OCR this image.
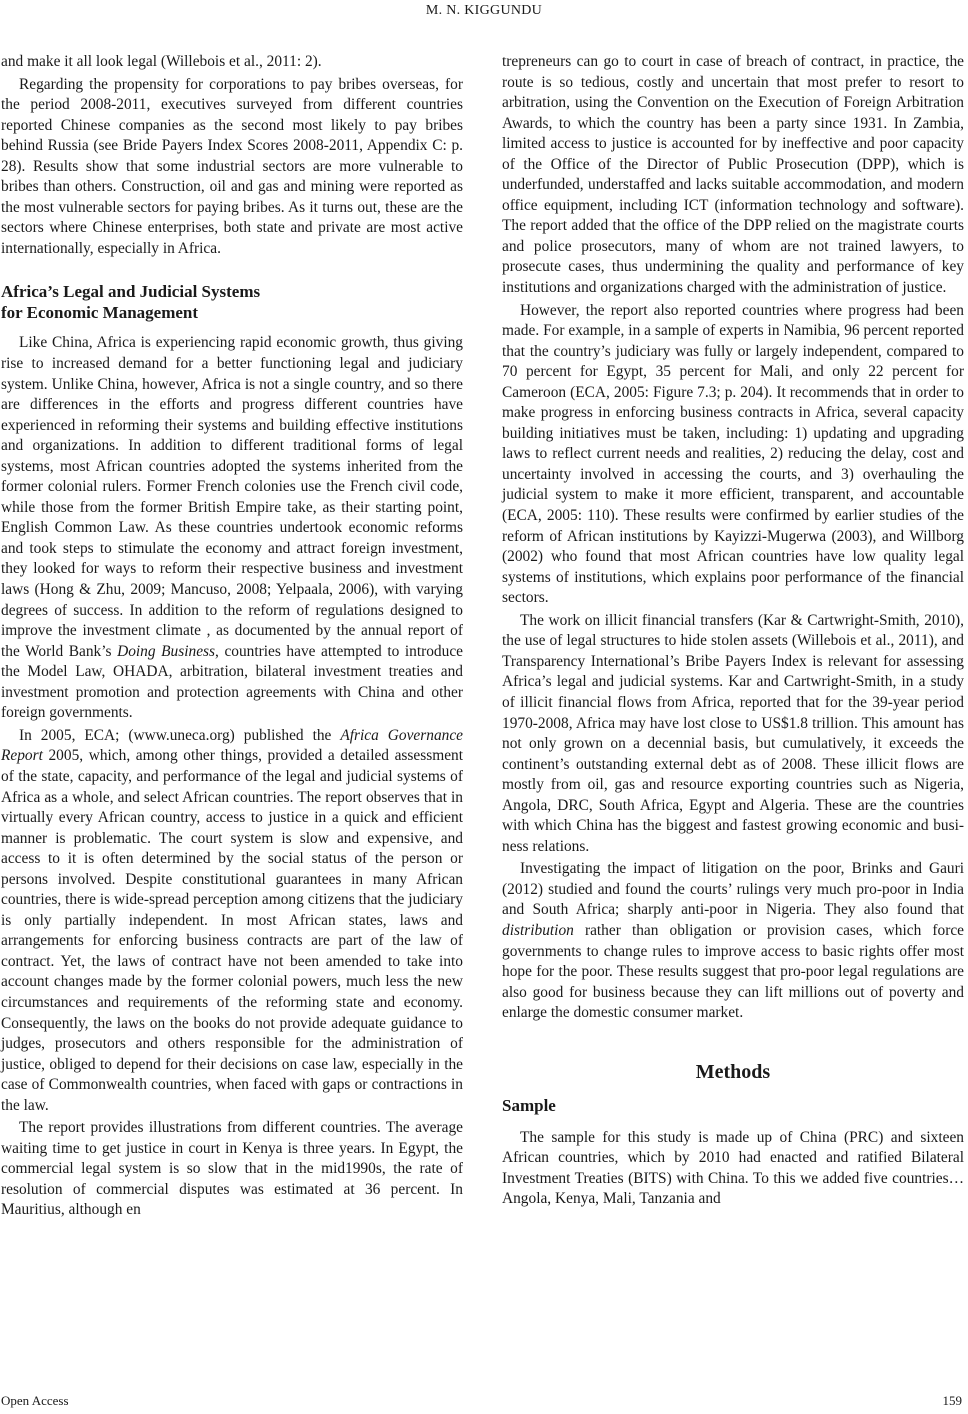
M. N. KIGGUNDU

and make it all look legal (Willebois et al., 2011: 2).

Regarding the propensity for corporations to pay bribes overseas, for the period 2008-2011, executives surveyed from different countries reported Chinese companies as the second most likely to pay bribes behind Russia (see Bride Payers Index Scores 2008-2011, Appendix C: p. 28). Results show that some industrial sectors are more vulnerable to bribes than others. Construction, oil and gas and mining were reported as the most vulnerable sectors for paying bribes. As it turns out, these are the sectors where Chinese enterprises, both state and private are most active internationally, especially in Africa.

Africa’s Legal and Judicial Systems
for Economic Management

Like China, Africa is experiencing rapid economic growth, thus giving rise to increased demand for a better functioning legal and judiciary system. Unlike China, however, Africa is not a single country, and so there are differences in the efforts and progress different countries have experienced in reforming their systems and building effective institutions and organizations. In addition to different traditional forms of legal systems, most African countries adopted the systems inherited from the former colonial rulers. Former French colonies use the French civil code, while those from the former British Empire take, as their starting point, English Common Law. As these countries undertook economic reforms and took steps to stimulate the economy and attract foreign investment, they looked for ways to reform their respective business and investment laws (Hong & Zhu, 2009; Mancuso, 2008; Yelpaala, 2006), with varying degrees of success. In addition to the reform of regulations designed to improve the investment climate , as documented by the annual report of the World Bank’s Doing Business, countries have attempted to introduce the Model Law, OHADA, arbitration, bilateral investment treaties and investment promotion and protection agreements with China and other foreign governments.

In 2005, ECA; (www.uneca.org) published the Africa Governance Report 2005, which, among other things, provided a detailed assessment of the state, capacity, and performance of the legal and judicial systems of Africa as a whole, and select African countries. The report observes that in virtually every African country, access to justice in a quick and efficient manner is problematic. The court system is slow and expensive, and access to it is often determined by the social status of the person or persons involved. Despite constitutional guarantees in many African countries, there is wide-spread perception among citizens that the judiciary is only partially independent. In most African states, laws and arrangements for enforcing business contracts are part of the law of contract. Yet, the laws of contract have not been amended to take into account changes made by the former colonial powers, much less the new circumstances and requirements of the reforming state and economy. Consequently, the laws on the books do not provide adequate guidance to judges, prosecutors and others responsible for the administration of justice, obliged to depend for their decisions on case law, especially in the case of Commonwealth countries, when faced with gaps or contractions in the law.

The report provides illustrations from different countries. The average waiting time to get justice in court in Kenya is three years. In Egypt, the commercial legal system is so slow that in the mid1990s, the rate of resolution of commercial disputes was estimated at 36 percent. In Mauritius, although en

trepreneurs can go to court in case of breach of contract, in practice, the route is so tedious, costly and uncertain that most prefer to resort to arbitration, using the Convention on the Execution of Foreign Arbitration Awards, to which the country has been a party since 1931. In Zambia, limited access to justice is accounted for by ineffective and poor capacity of the Office of the Director of Public Prosecution (DPP), which is underfunded, understaffed and lacks suitable accommodation, and modern office equipment, including ICT (information technology and software). The report added that the office of the DPP relied on the magistrate courts and police prosecutors, many of whom are not trained lawyers, to prosecute cases, thus undermining the quality and performance of key institutions and organizations charged with the administration of justice.

However, the report also reported countries where progress had been made. For example, in a sample of experts in Namibia, 96 percent reported that the country’s judiciary was fully or largely independent, compared to 70 percent for Egypt, 35 percent for Mali, and only 22 percent for Cameroon (ECA, 2005: Figure 7.3; p. 204). It recommends that in order to make progress in enforcing business contracts in Africa, several capacity building initiatives must be taken, including: 1) updating and upgrading laws to reflect current needs and realities, 2) reducing the delay, cost and uncertainty involved in accessing the courts, and 3) overhauling the judicial system to make it more efficient, transparent, and accountable (ECA, 2005: 110). These results were confirmed by earlier studies of the reform of African institutions by Kayizzi-Mugerwa (2003), and Willborg (2002) who found that most African countries have low quality legal systems of institutions, which explains poor performance of the financial sectors.

The work on illicit financial transfers (Kar & Cartwright-Smith, 2010), the use of legal structures to hide stolen assets (Willebois et al., 2011), and Transparency International’s Bribe Payers Index is relevant for assessing Africa’s legal and judicial systems. Kar and Cartwright-Smith, in a study of illicit financial flows from Africa, reported that for the 39-year period 1970-2008, Africa may have lost close to US$1.8 trillion. This amount has not only grown on a decennial basis, but cumulatively, it exceeds the continent’s outstanding external debt as of 2008. These illicit flows are mostly from oil, gas and resource exporting countries such as Nigeria, Angola, DRC, South Africa, Egypt and Algeria. These are the countries with which China has the biggest and fastest growing economic and business relations.

Investigating the impact of litigation on the poor, Brinks and Gauri (2012) studied and found the courts’ rulings very much pro-poor in India and South Africa; sharply anti-poor in Nigeria. They also found that distribution rather than obligation or provision cases, which force governments to change rules to improve access to basic rights offer most hope for the poor. These results suggest that pro-poor legal regulations are also good for business because they can lift millions out of poverty and enlarge the domestic consumer market.

Methods
Sample

The sample for this study is made up of China (PRC) and sixteen African countries, which by 2010 had enacted and ratified Bilateral Investment Treaties (BITS) with China. To this we added five countries… Angola, Kenya, Mali, Tanzania and

Open Access	159
